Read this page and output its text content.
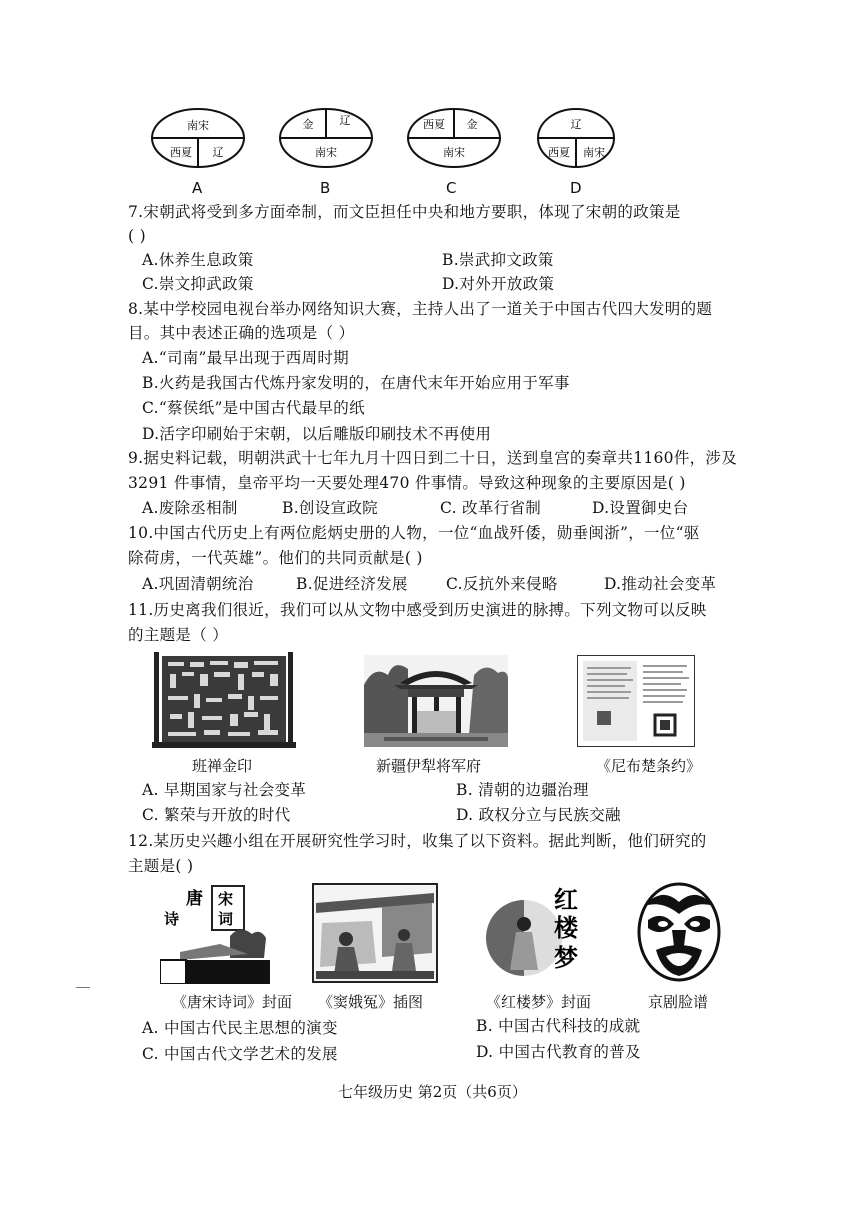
南宋
西夏 辽
金 辽
南宋
西夏 金
南宋
辽
西夏 南宋
A	B	C	D
7.宋朝武将受到多方面牵制，而文臣担任中央和地方要职，体现了宋朝的政策是
( )
A.休养生息政策	B.崇武抑文政策
C.崇文抑武政策	D.对外开放政策
8.某中学校园电视台举办网络知识大赛，主持人出了一道关于中国古代四大发明的题
目。其中表述正确的选项是（ ）
A.“司南”最早出现于西周时期
B.火药是我国古代炼丹家发明的，在唐代末年开始应用于军事
C.“蔡侯纸”是中国古代最早的纸
D.活字印刷始于宋朝，以后雕版印刷技术不再使用
9.据史料记载，明朝洪武十七年九月十四日到二十日，送到皇宫的奏章共1160件，涉及
3291 件事情，皇帝平均一天要处理470 件事情。导致这种现象的主要原因是( )
A.废除丞相制	B.创设宣政院	C. 改革行省制	D.设置御史台
10.中国古代历史上有两位彪炳史册的人物，一位“血战歼倭，勋垂闽浙”，一位“驱
除荷虏，一代英雄”。他们的共同贡献是( )
A.巩固清朝统治	B.促进经济发展 C.反抗外来侵略	D.推动社会变革
11.历史离我们很近，我们可以从文物中感受到历史演进的脉搏。下列文物可以反映
的主题是（ ）
班禅金印	新疆伊犁将军府	《尼布楚条约》
A. 早期国家与社会变革	B. 清朝的边疆治理
C. 繁荣与开放的时代	D. 政权分立与民族交融
12.某历史兴趣小组在开展研究性学习时，收集了以下资料。据此判断，他们研究的
主题是( )
唐
诗
宋
词
红
楼
梦
《唐宋诗词》封面 《窦娥冤》插图	《红楼梦》封面	京剧脸谱
A. 中国古代民主思想的演变	B. 中国古代科技的成就
C. 中国古代文学艺术的发展	D. 中国古代教育的普及
七年级历史 第2页（共6页）
